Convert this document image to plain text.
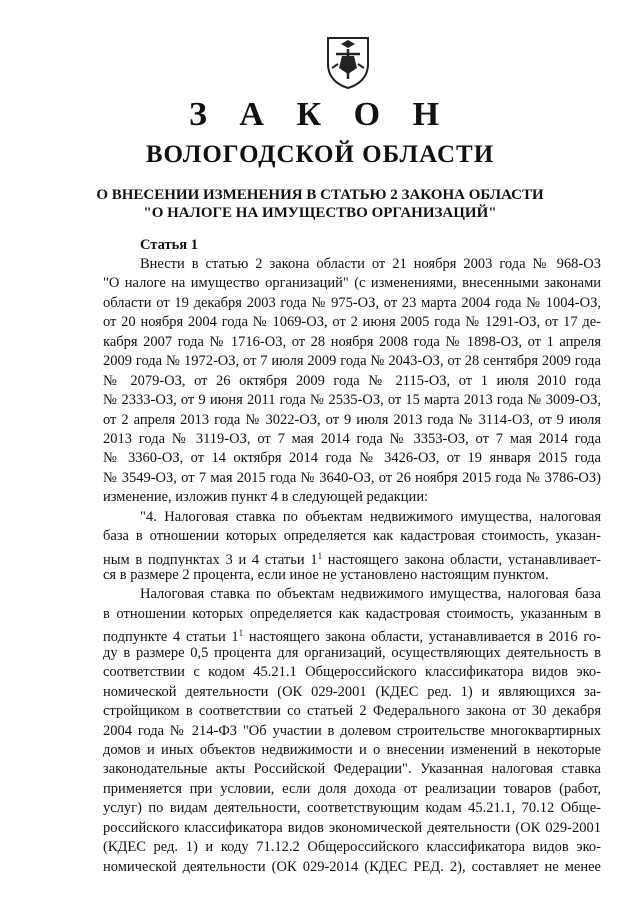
З А К О Н
ВОЛОГОДСКОЙ ОБЛАСТИ
О ВНЕСЕНИИ ИЗМЕНЕНИЯ В СТАТЬЮ 2 ЗАКОНА ОБЛАСТИ
"О НАЛОГЕ НА ИМУЩЕСТВО ОРГАНИЗАЦИЙ"
Статья 1
Внести в статью 2 закона области от 21 ноября 2003 года № 968-ОЗ
"О налоге на имущество организаций" (с изменениями, внесенными законами
области от 19 декабря 2003 года № 975-ОЗ, от 23 марта 2004 года № 1004-ОЗ,
от 20 ноября 2004 года № 1069-ОЗ, от 2 июня 2005 года № 1291-ОЗ, от 17 де-
кабря 2007 года № 1716-ОЗ, от 28 ноября 2008 года № 1898-ОЗ, от 1 апреля
2009 года № 1972-ОЗ, от 7 июля 2009 года № 2043-ОЗ, от 28 сентября 2009 года
№ 2079-ОЗ, от 26 октября 2009 года № 2115-ОЗ, от 1 июля 2010 года
№ 2333-ОЗ, от 9 июня 2011 года № 2535-ОЗ, от 15 марта 2013 года № 3009-ОЗ,
от 2 апреля 2013 года № 3022-ОЗ, от 9 июля 2013 года № 3114-ОЗ, от 9 июля
2013 года № 3119-ОЗ, от 7 мая 2014 года № 3353-ОЗ, от 7 мая 2014 года
№ 3360-ОЗ, от 14 октября 2014 года № 3426-ОЗ, от 19 января 2015 года
№ 3549-ОЗ, от 7 мая 2015 года № 3640-ОЗ, от 26 ноября 2015 года № 3786-ОЗ)
изменение, изложив пункт 4 в следующей редакции:
"4. Налоговая ставка по объектам недвижимого имущества, налоговая
база в отношении которых определяется как кадастровая стоимость, указан-
ным в подпунктах 3 и 4 статьи $1^1$ настоящего закона области, устанавливает-
ся в размере 2 процента, если иное не установлено настоящим пунктом.
Налоговая ставка по объектам недвижимого имущества, налоговая база
в отношении которых определяется как кадастровая стоимость, указанным в
подпункте 4 статьи $1^1$ настоящего закона области, устанавливается в 2016 го-
ду в размере 0,5 процента для организаций, осуществляющих деятельность в
соответствии с кодом 45.21.1 Общероссийского классификатора видов эко-
номической деятельности (ОК 029-2001 (КДЕС ред. 1) и являющихся за-
стройщиком в соответствии со статьей 2 Федерального закона от 30 декабря
2004 года № 214-ФЗ "Об участии в долевом строительстве многоквартирных
домов и иных объектов недвижимости и о внесении изменений в некоторые
законодательные акты Российской Федерации". Указанная налоговая ставка
применяется при условии, если доля дохода от реализации товаров (работ,
услуг) по видам деятельности, соответствующим кодам 45.21.1, 70.12 Обще-
российского классификатора видов экономической деятельности (ОК 029-2001
(КДЕС ред. 1) и коду 71.12.2 Общероссийского классификатора видов эко-
номической деятельности (ОК 029-2014 (КДЕС РЕД. 2), составляет не менее
